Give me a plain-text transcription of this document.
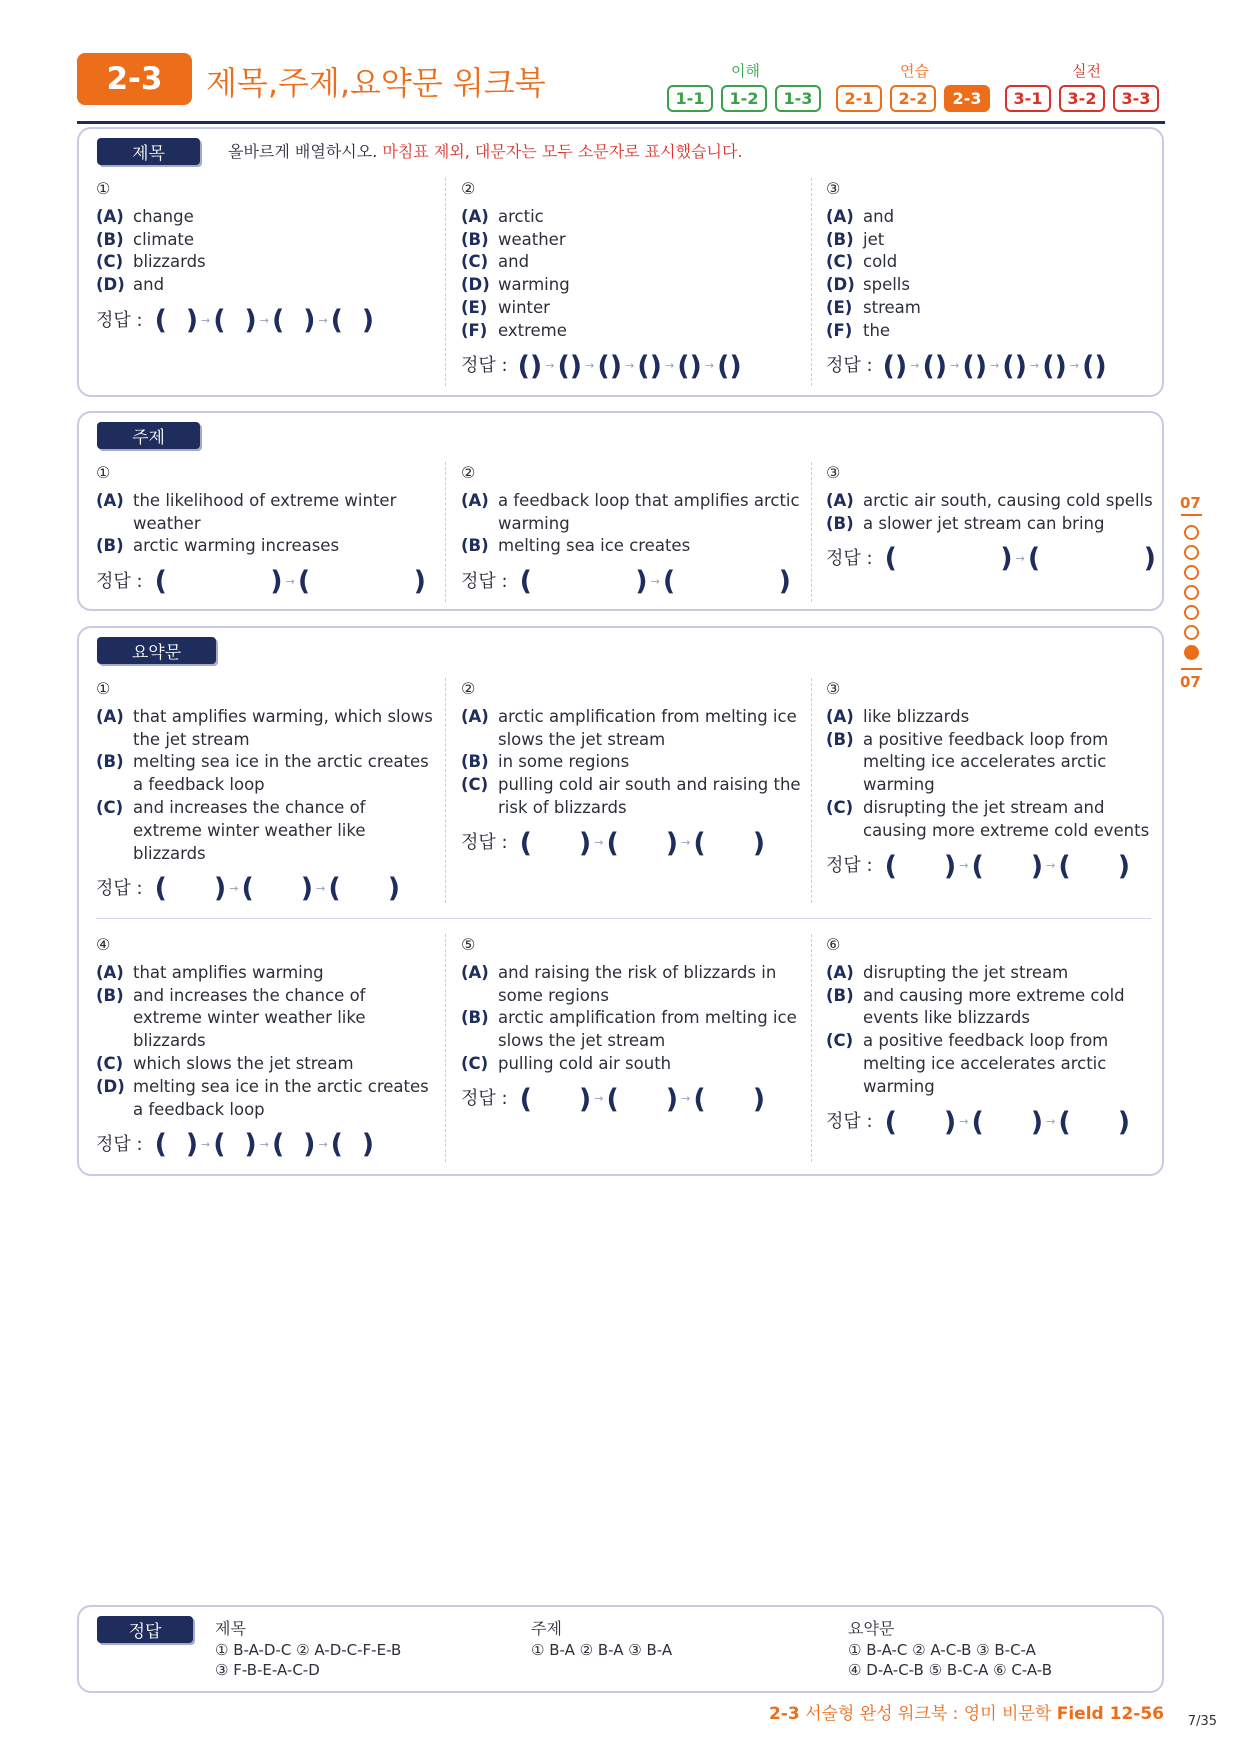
2-3	제목,주제,요약문 워크북	이해	연습	실전
1-1	1-2	1-3	2-1	2-2	2-3	3-1	3-2	3-3
제목	올바르게 배열하시오. 마침표 제외, 대문자는 모두 소문자로 표시했습니다.
①
(A) change
(B) climate
(C) blizzards
(D) and
정답 : (  ) → (  ) → (  ) → (  )
②
(A) arctic
(B) weather
(C) and
(D) warming
(E) winter
(F) extreme
정답 : () → () → () → () → () → ()
③
(A) and
(B) jet
(C) cold
(D) spells
(E) stream
(F) the
정답 : () → () → () → () → () → ()
주제
①
(A) the likelihood of extreme winter weather
(B) arctic warming increases
정답 : (           ) → (           )
②
(A) a feedback loop that amplifies arctic warming
(B) melting sea ice creates
정답 : (           ) → (           )
③
(A) arctic air south, causing cold spells
(B) a slower jet stream can bring
정답 : (           ) → (           )
요약문
①
(A) that amplifies warming, which slows the jet stream
(B) melting sea ice in the arctic creates a feedback loop
(C) and increases the chance of extreme winter weather like blizzards
정답 : (     ) → (     ) → (     )
②
(A) arctic amplification from melting ice slows the jet stream
(B) in some regions
(C) pulling cold air south and raising the risk of blizzards
정답 : (     ) → (     ) → (     )
③
(A) like blizzards
(B) a positive feedback loop from melting ice accelerates arctic warming
(C) disrupting the jet stream and causing more extreme cold events
정답 : (     ) → (     ) → (     )
④
(A) that amplifies warming
(B) and increases the chance of extreme winter weather like blizzards
(C) which slows the jet stream
(D) melting sea ice in the arctic creates a feedback loop
정답 : (  ) → (  ) → (  ) → (  )
⑤
(A) and raising the risk of blizzards in some regions
(B) arctic amplification from melting ice slows the jet stream
(C) pulling cold air south
정답 : (     ) → (     ) → (     )
⑥
(A) disrupting the jet stream
(B) and causing more extreme cold events like blizzards
(C) a positive feedback loop from melting ice accelerates arctic warming
정답 : (     ) → (     ) → (     )
07
07
정답	제목
① B-A-D-C ② A-D-C-F-E-B
③ F-B-E-A-C-D
주제
① B-A ② B-A ③ B-A
요약문
① B-A-C ② A-C-B ③ B-C-A
④ D-A-C-B ⑤ B-C-A ⑥ C-A-B
2-3 서술형 완성 워크북 : 영미 비문학 Field 12-56 7/35
